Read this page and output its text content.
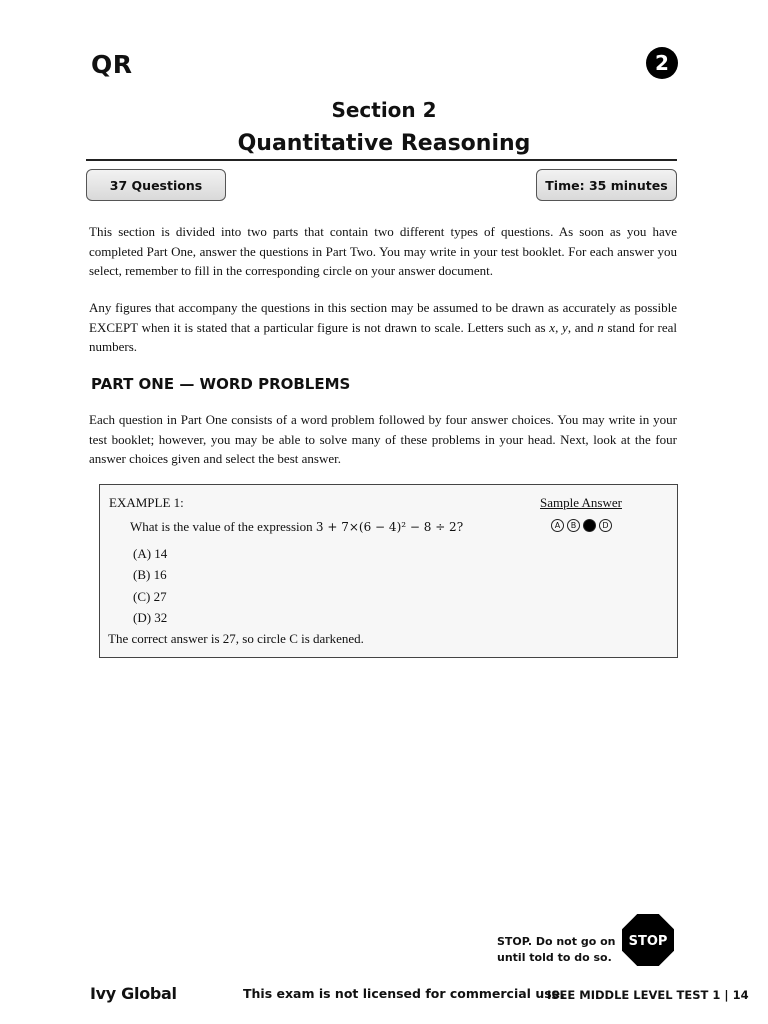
QR	2
Section 2
Quantitative Reasoning
37 Questions	Time: 35 minutes

This section is divided into two parts that contain two different types of questions. As soon as you have completed Part One, answer the questions in Part Two. You may write in your test booklet. For each answer you select, remember to fill in the corresponding circle on your answer document.

Any figures that accompany the questions in this section may be assumed to be drawn as accurately as possible EXCEPT when it is stated that a particular figure is not drawn to scale. Letters such as x, y, and n stand for real numbers.

PART ONE — WORD PROBLEMS

Each question in Part One consists of a word problem followed by four answer choices. You may write in your test booklet; however, you may be able to solve many of these problems in your head. Next, look at the four answer choices given and select the best answer.

EXAMPLE 1:	Sample Answer
What is the value of the expression 3 + 7×(6 − 4)² − 8 ÷ 2?	A	B	C	D
(A) 14
(B) 16
(C) 27
(D) 32
The correct answer is 27, so circle C is darkened.
STOP. Do not go on
until told to do so.
STOP
Ivy Global	This exam is not licensed for commercial use.
ISEE MIDDLE LEVEL TEST 1 | 14
